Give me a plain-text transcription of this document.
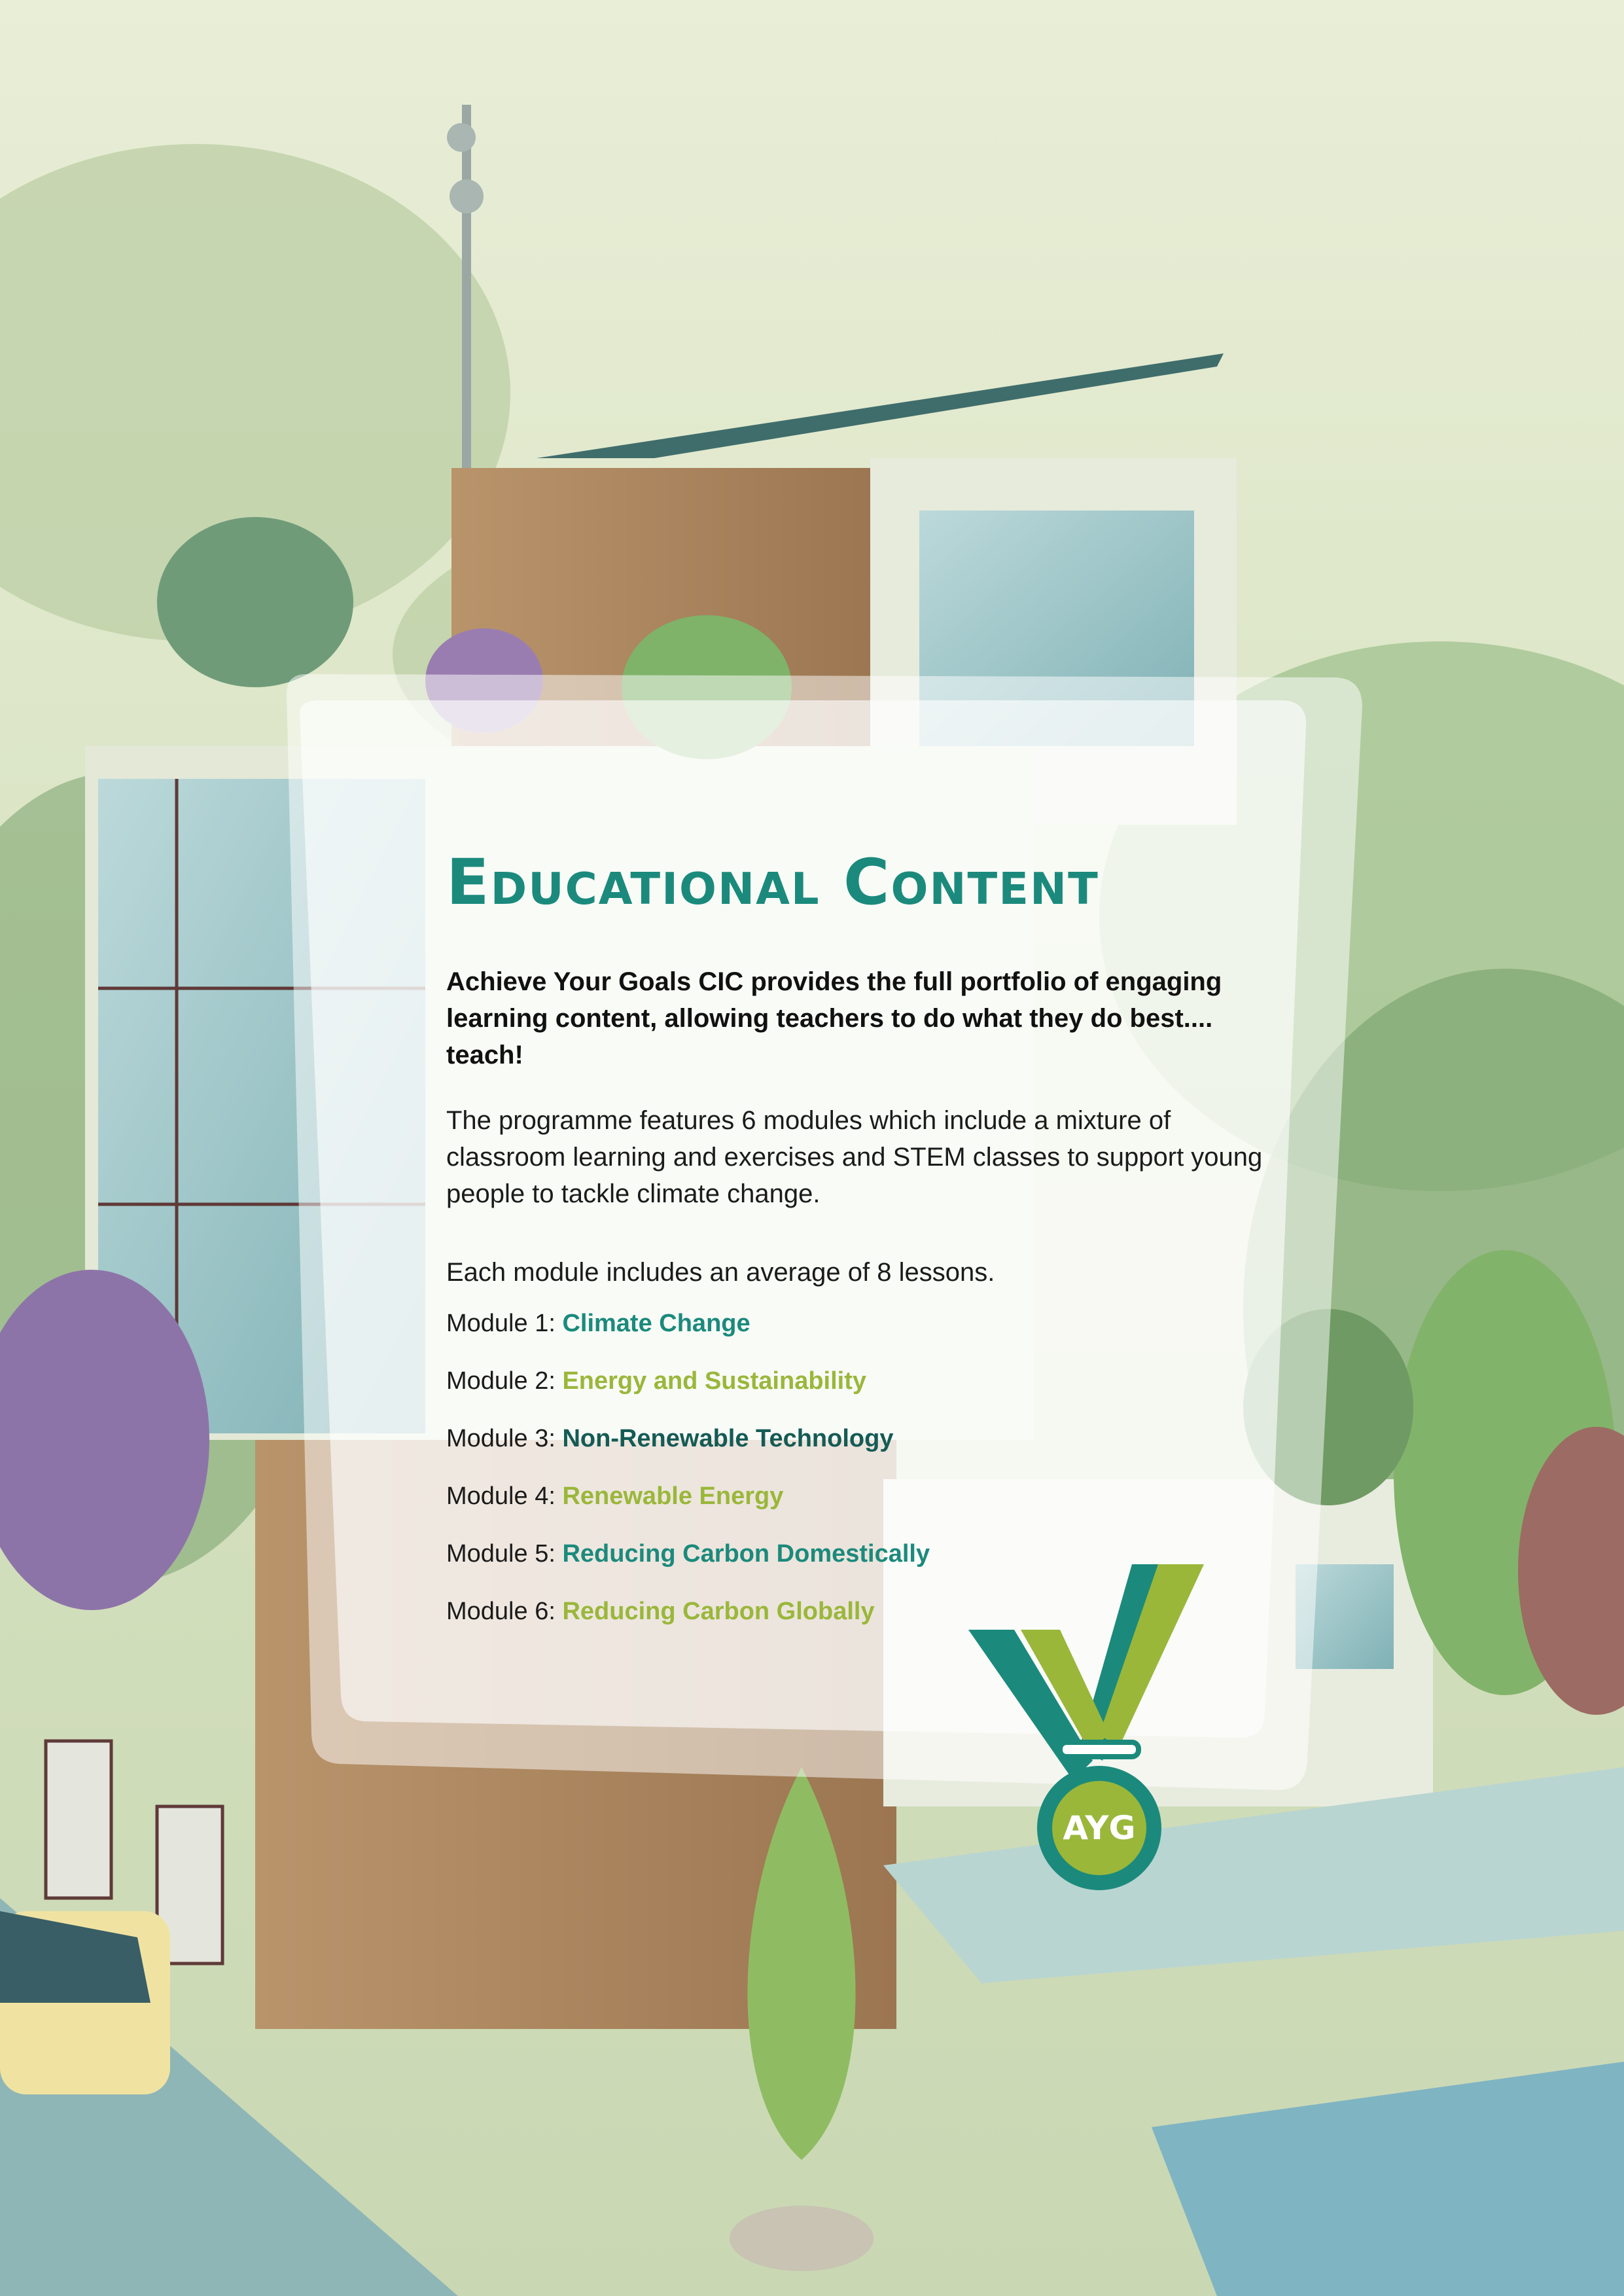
Educational Content

Achieve Your Goals CIC provides the full portfolio of engaging learning content, allowing teachers to do what they do best.... teach!

The programme features 6 modules which include a mixture of classroom learning and exercises and STEM classes to support young people to tackle climate change.

Each module includes an average of 8 lessons.

Module 1: Climate Change
Module 2: Energy and Sustainability
Module 3: Non-Renewable Technology
Module 4: Renewable Energy
Module 5: Reducing Carbon Domestically
Module 6: Reducing Carbon Globally
AYG
